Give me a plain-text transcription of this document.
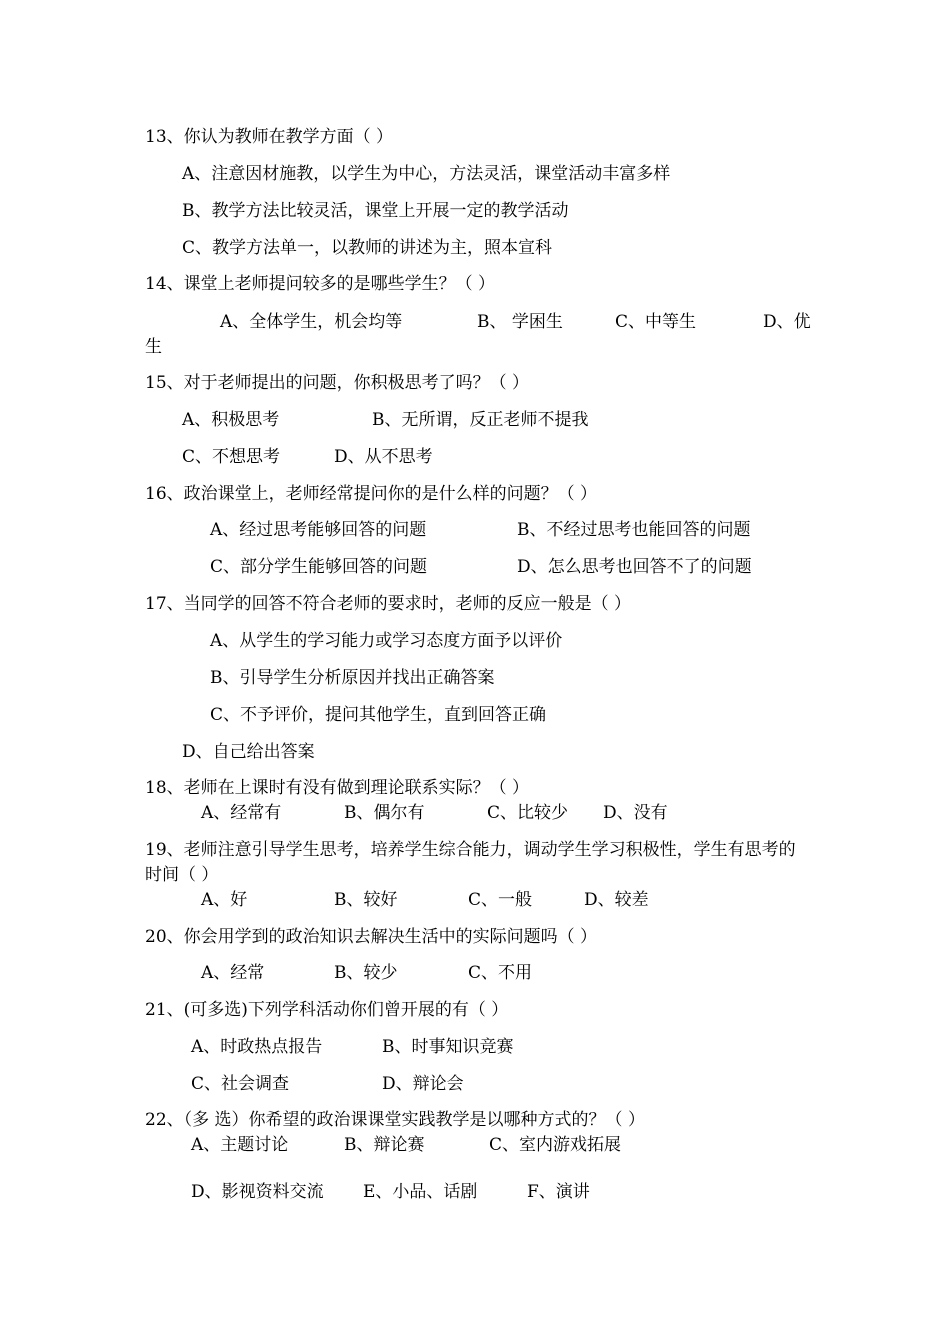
13、你认为教师在教学方面（ ）
A、注意因材施教，以学生为中心，方法灵活，课堂活动丰富多样
B、教学方法比较灵活，课堂上开展一定的教学活动
C、教学方法单一，以教师的讲述为主，照本宣科
14、课堂上老师提问较多的是哪些学生？（ ）
A、全体学生，机会均等	B、 学困生	C、中等生	D、优
生
15、对于老师提出的问题，你积极思考了吗？（ ）
A、积极思考	B、无所谓，反正老师不提我
C、不想思考	D、从不思考
16、政治课堂上，老师经常提问你的是什么样的问题？（ ）
A、经过思考能够回答的问题	B、不经过思考也能回答的问题
C、部分学生能够回答的问题	D、怎么思考也回答不了的问题
17、当同学的回答不符合老师的要求时，老师的反应一般是（ ）
A、从学生的学习能力或学习态度方面予以评价
B、引导学生分析原因并找出正确答案
C、不予评价，提问其他学生，直到回答正确
D、自己给出答案
18、老师在上课时有没有做到理论联系实际？（ ）
A、经常有	B、偶尔有	C、比较少 D、没有
19、老师注意引导学生思考，培养学生综合能力，调动学生学习积极性，学生有思考的时间（ ）
A、好	B、较好	C、一般	D、较差
20、你会用学到的政治知识去解决生活中的实际问题吗（ ）
A、经常	B、较少	C、不用
21、(可多选)下列学科活动你们曾开展的有（ ）
A、时政热点报告	B、时事知识竞赛
C、社会调查	D、辩论会
22、（多 选）你希望的政治课课堂实践教学是以哪种方式的？（ ）
A、主题讨论	B、辩论赛	C、室内游戏拓展
D、影视资料交流 E、小品、话剧	F、演讲
